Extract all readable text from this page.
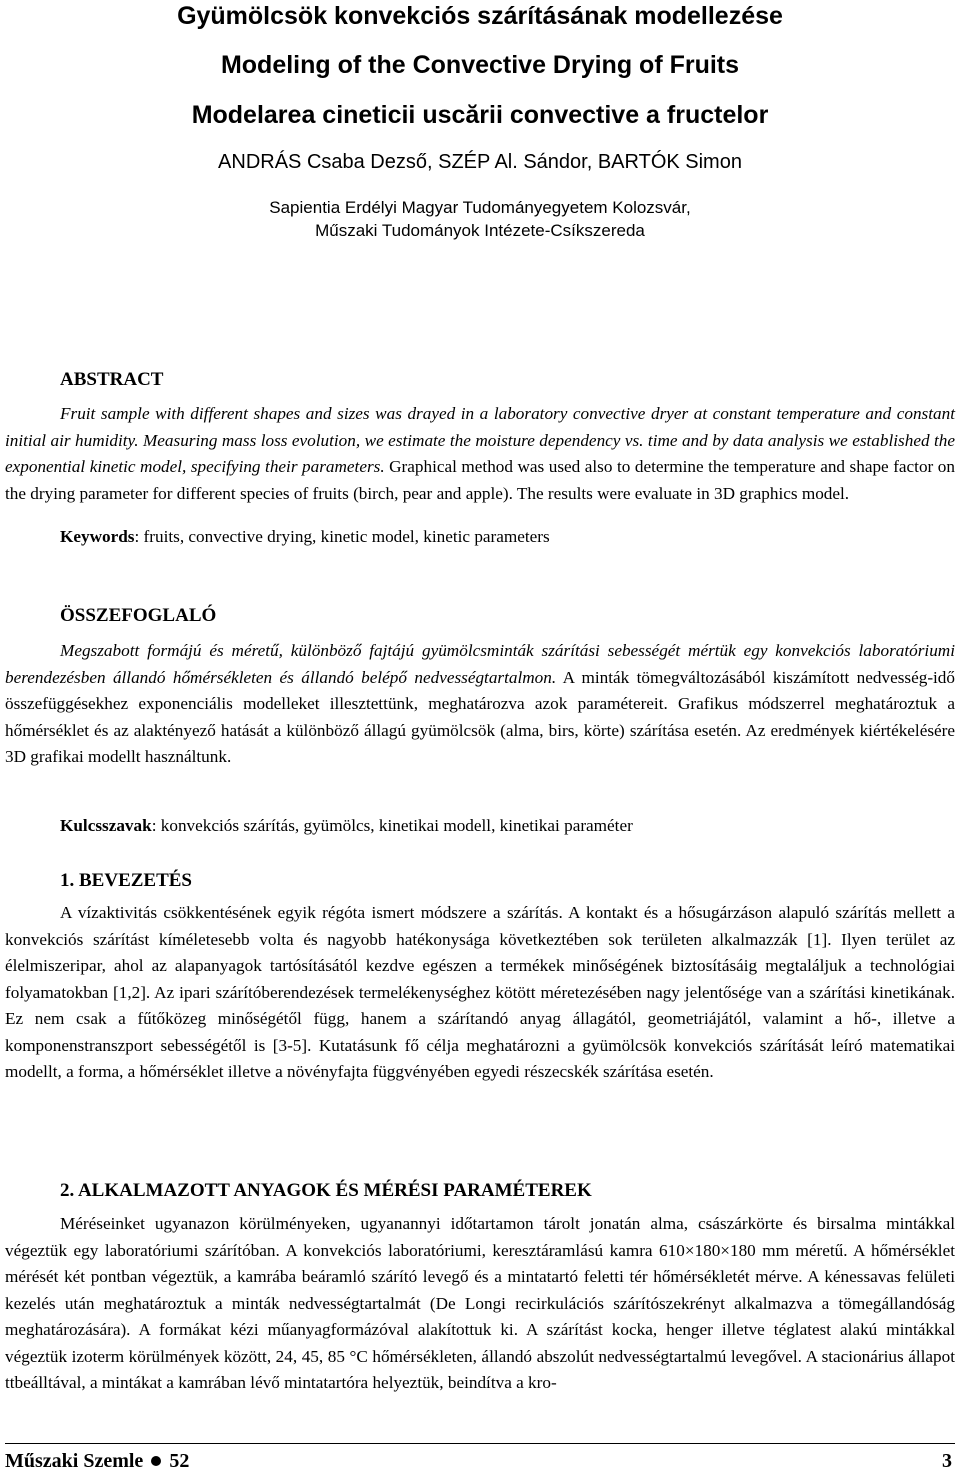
Gyümölcsök konvekciós szárításának modellezése
Modeling of the Convective Drying of Fruits
Modelarea cineticii uscării convective a fructelor
ANDRÁS Csaba Dezső, SZÉP Al. Sándor, BARTÓK Simon
Sapientia Erdélyi Magyar Tudományegyetem Kolozsvár,
Műszaki Tudományok Intézete-Csíkszereda
ABSTRACT
Fruit sample with different shapes and sizes was drayed in a laboratory convective dryer at constant temperature and constant initial air humidity. Measuring mass loss evolution, we estimate the moisture dependency vs. time and by data analysis we established the exponential kinetic model, specifying their parameters. Graphical method was used also to determine the temperature and shape factor on the drying parameter for different species of fruits (birch, pear and apple). The results were evaluate in 3D graphics model.
Keywords: fruits, convective drying, kinetic model, kinetic parameters
ÖSSZEFOGLALÓ
Megszabott formájú és méretű, különböző fajtájú gyümölcsminták szárítási sebességét mértük egy konvekciós laboratóriumi berendezésben állandó hőmérsékleten és állandó belépő nedvességtartalmon. A minták tömegváltozásából kiszámított nedvesség-idő összefüggésekhez exponenciális modelleket illesztettünk, meghatározva azok paramétereit. Grafikus módszerrel meghatároztuk a hőmérséklet és az alaktényező hatását a különböző állagú gyümölcsök (alma, birs, körte) szárítása esetén. Az eredmények kiértékelésére 3D grafikai modellt használtunk.
Kulcsszavak: konvekciós szárítás, gyümölcs, kinetikai modell, kinetikai paraméter
1. BEVEZETÉS
A vízaktivitás csökkentésének egyik régóta ismert módszere a szárítás. A kontakt és a hősugárzáson alapuló szárítás mellett a konvekciós szárítást kíméletesebb volta és nagyobb hatékonysága következtében sok területen alkalmazzák [1]. Ilyen terület az élelmiszeripar, ahol az alapanyagok tartósításától kezdve egészen a termékek minőségének biztosításáig megtaláljuk a technológiai folyamatokban [1,2]. Az ipari szárítóberendezések termelékenységhez kötött méretezésében nagy jelentősége van a szárítási kinetikának. Ez nem csak a fűtőközeg minőségétől függ, hanem a szárítandó anyag állagától, geometriájától, valamint a hő-, illetve a komponenstranszport sebességétől is [3-5]. Kutatásunk fő célja meghatározni a gyümölcsök konvekciós szárítását leíró matematikai modellt, a forma, a hőmérséklet illetve a növényfajta függvényében egyedi részecskék szárítása esetén.
2. ALKALMAZOTT ANYAGOK ÉS MÉRÉSI PARAMÉTEREK
Méréseinket ugyanazon körülményeken, ugyanannyi időtartamon tárolt jonatán alma, császárkörte és birsalma mintákkal végeztük egy laboratóriumi szárítóban. A konvekciós laboratóriumi, keresztáramlású kamra 610×180×180 mm méretű. A hőmérséklet mérését két pontban végeztük, a kamrába beáramló szárító levegő és a mintatartó feletti tér hőmérsékletét mérve. A kénessavas felületi kezelés után meghatároztuk a minták nedvességtartalmát (De Longi recirkulációs szárítószekrényt alkalmazva a tömegállandóság meghatározására). A formákat kézi műanyagformázóval alakítottuk ki. A szárítást kocka, henger illetve téglatest alakú mintákkal végeztük izoterm körülmények között, 24, 45, 85 °C hőmérsékleten, állandó abszolút nedvességtartalmú levegővel. A stacionárius állapot ttbeálltával, a mintákat a kamrában lévő mintatartóra helyeztük, beindítva a kro-
Műszaki Szemle 52	3
